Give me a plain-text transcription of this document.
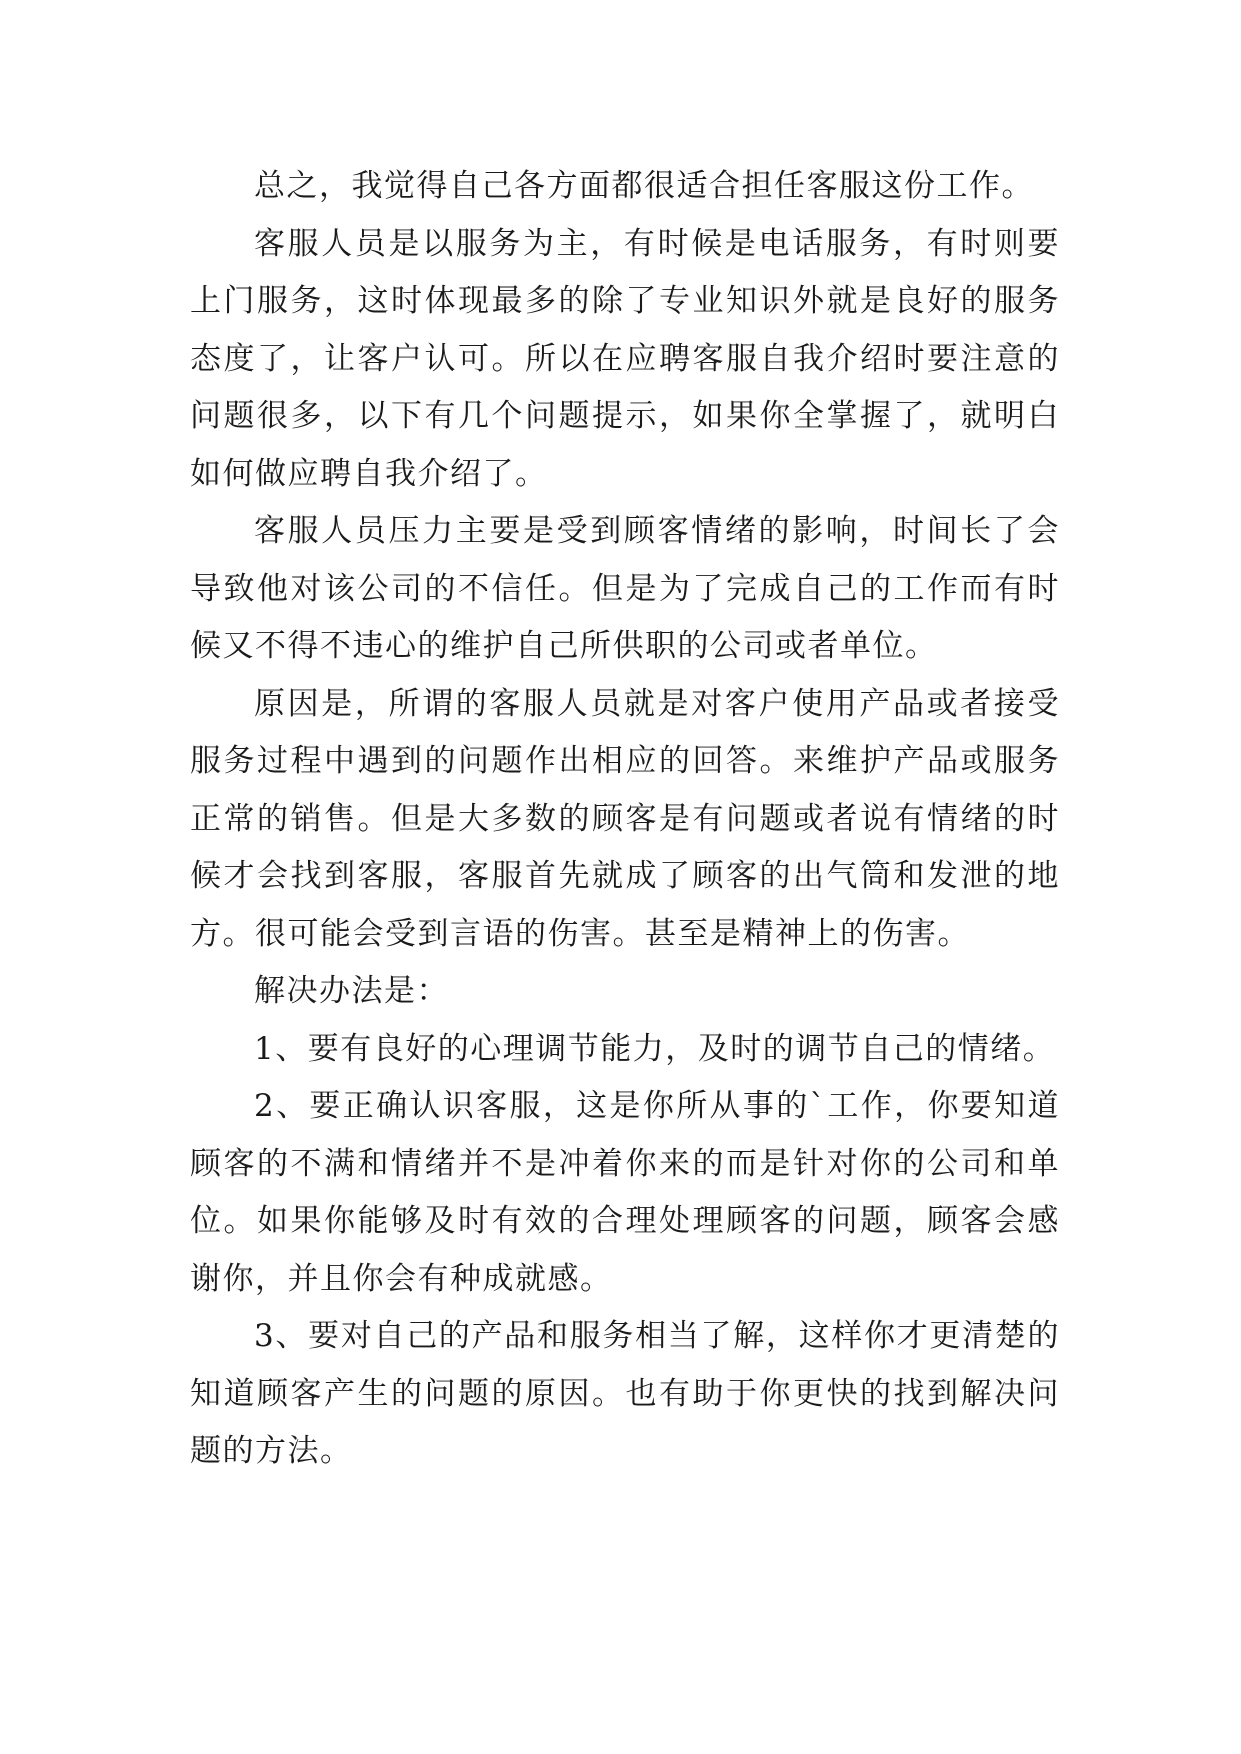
总之，我觉得自己各方面都很适合担任客服这份工作。

客服人员是以服务为主，有时候是电话服务，有时则要上门服务，这时体现最多的除了专业知识外就是良好的服务态度了，让客户认可。所以在应聘客服自我介绍时要注意的问题很多，以下有几个问题提示，如果你全掌握了，就明白如何做应聘自我介绍了。

客服人员压力主要是受到顾客情绪的影响，时间长了会导致他对该公司的不信任。但是为了完成自己的工作而有时候又不得不违心的维护自己所供职的公司或者单位。

原因是，所谓的客服人员就是对客户使用产品或者接受服务过程中遇到的问题作出相应的回答。来维护产品或服务正常的销售。但是大多数的顾客是有问题或者说有情绪的时候才会找到客服，客服首先就成了顾客的出气筒和发泄的地方。很可能会受到言语的伤害。甚至是精神上的伤害。

解决办法是：

1、要有良好的心理调节能力，及时的调节自己的情绪。

2、要正确认识客服，这是你所从事的`工作，你要知道顾客的不满和情绪并不是冲着你来的而是针对你的公司和单位。如果你能够及时有效的合理处理顾客的问题，顾客会感谢你，并且你会有种成就感。

3、要对自己的产品和服务相当了解，这样你才更清楚的知道顾客产生的问题的原因。也有助于你更快的找到解决问题的方法。
